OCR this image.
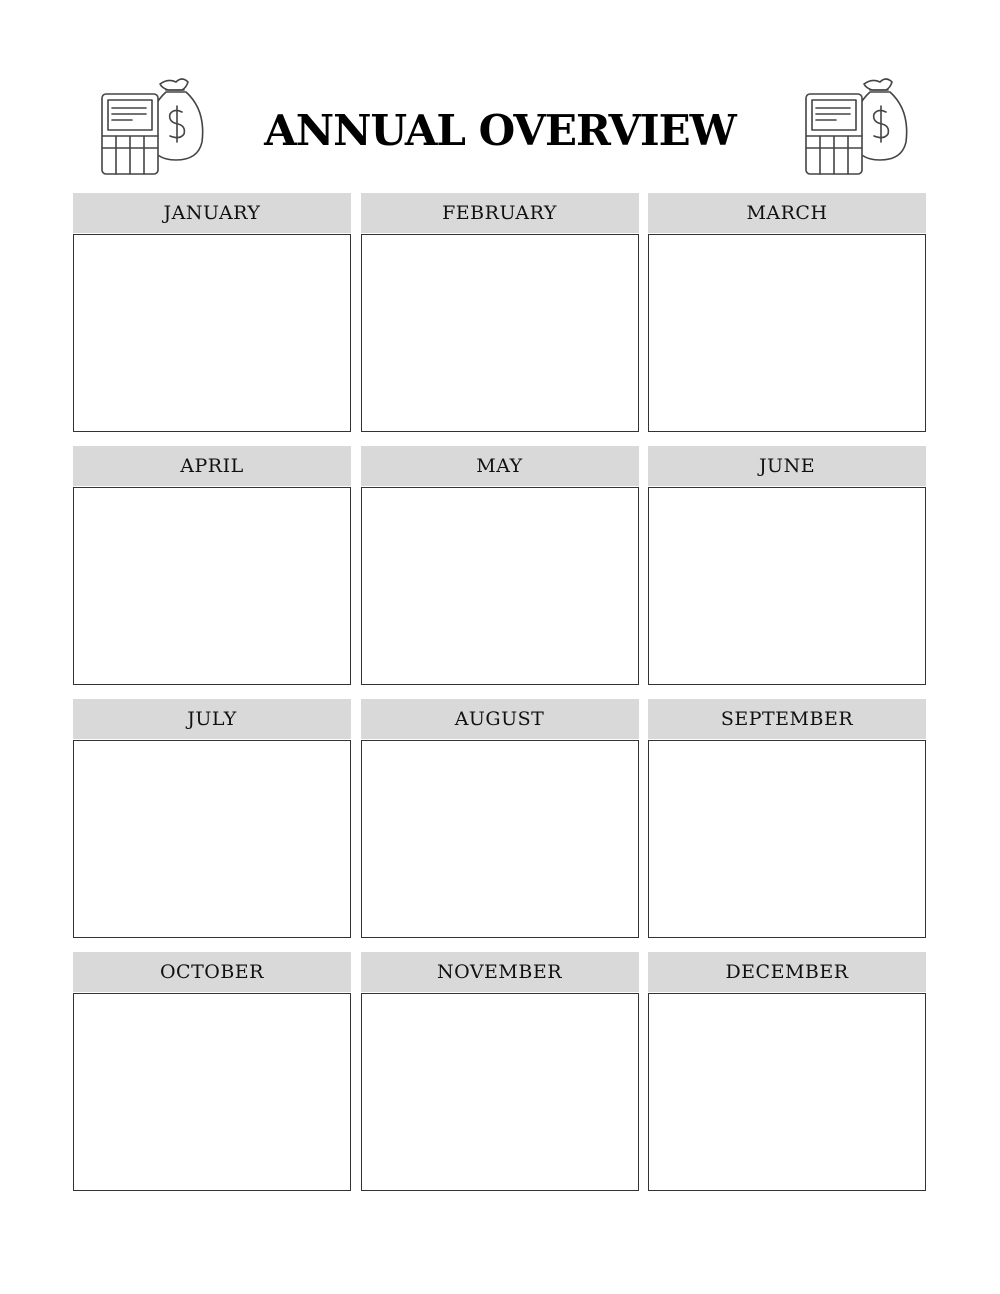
ANNUAL OVERVIEW
JANUARY	FEBRUARY	MARCH
APRIL	MAY	JUNE
JULY	AUGUST	SEPTEMBER
OCTOBER	NOVEMBER	DECEMBER
